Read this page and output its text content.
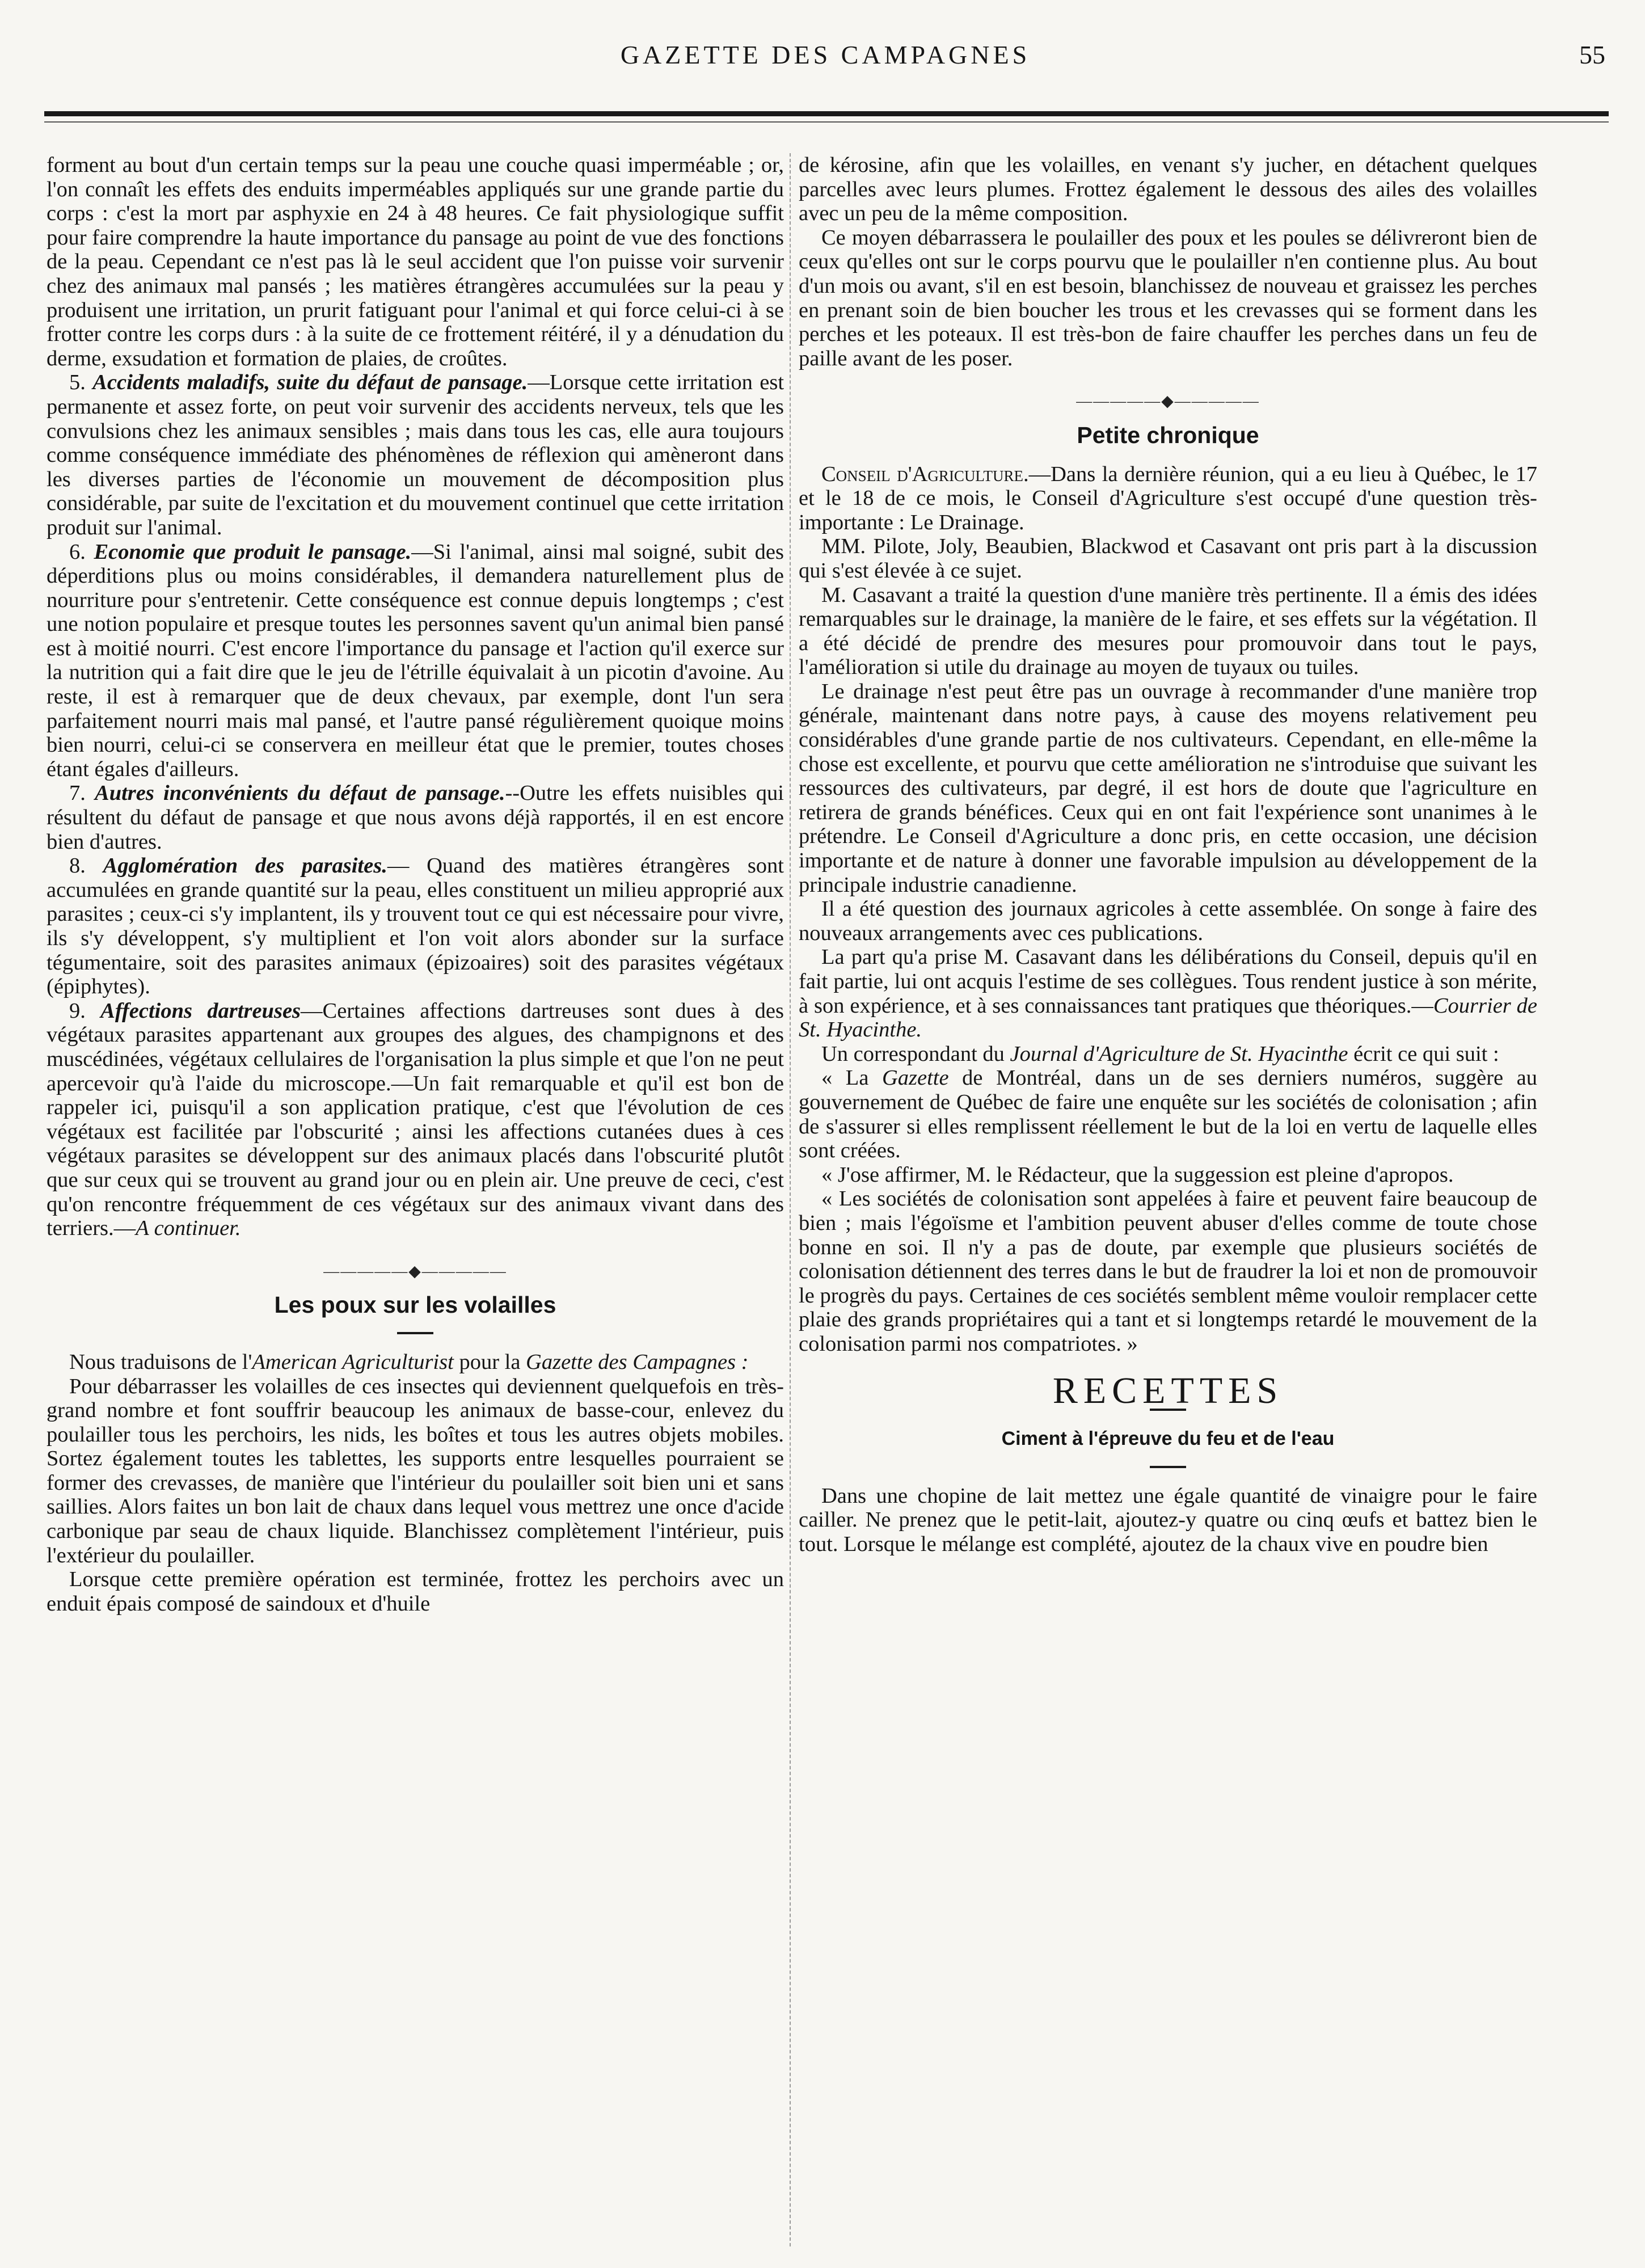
GAZETTE DES CAMPAGNES	55

forment au bout d'un certain temps sur la peau une couche quasi imperméable ; or, l'on connaît les effets des enduits imperméables appliqués sur une grande partie du corps : c'est la mort par asphyxie en 24 à 48 heures. Ce fait physiologique suffit pour faire comprendre la haute importance du pansage au point de vue des fonctions de la peau. Cependant ce n'est pas là le seul accident que l'on puisse voir survenir chez des animaux mal pansés ; les matières étrangères accumulées sur la peau y produisent une irritation, un prurit fatiguant pour l'animal et qui force celui-ci à se frotter contre les corps durs : à la suite de ce frottement réitéré, il y a dénudation du derme, exsudation et formation de plaies, de croûtes.

5. Accidents maladifs, suite du défaut de pansage.—Lorsque cette irritation est permanente et assez forte, on peut voir survenir des accidents nerveux, tels que les convulsions chez les animaux sensibles ; mais dans tous les cas, elle aura toujours comme conséquence immédiate des phénomènes de réflexion qui amèneront dans les diverses parties de l'économie un mouvement de décomposition plus considérable, par suite de l'excitation et du mouvement continuel que cette irritation produit sur l'animal.

6. Economie que produit le pansage.—Si l'animal, ainsi mal soigné, subit des déperditions plus ou moins considérables, il demandera naturellement plus de nourriture pour s'entretenir. Cette conséquence est connue depuis longtemps ; c'est une notion populaire et presque toutes les personnes savent qu'un animal bien pansé est à moitié nourri. C'est encore l'importance du pansage et l'action qu'il exerce sur la nutrition qui a fait dire que le jeu de l'étrille équivalait à un picotin d'avoine. Au reste, il est à remarquer que de deux chevaux, par exemple, dont l'un sera parfaitement nourri mais mal pansé, et l'autre pansé régulièrement quoique moins bien nourri, celui-ci se conservera en meilleur état que le premier, toutes choses étant égales d'ailleurs.

7. Autres inconvénients du défaut de pansage.--Outre les effets nuisibles qui résultent du défaut de pansage et que nous avons déjà rapportés, il en est encore bien d'autres.

8. Agglomération des parasites.— Quand des matières étrangères sont accumulées en grande quantité sur la peau, elles constituent un milieu approprié aux parasites ; ceux-ci s'y implantent, ils y trouvent tout ce qui est nécessaire pour vivre, ils s'y développent, s'y multiplient et l'on voit alors abonder sur la surface tégumentaire, soit des parasites animaux (épizoaires) soit des parasites végétaux (épiphytes).

9. Affections dartreuses—Certaines affections dartreuses sont dues à des végétaux parasites appartenant aux groupes des algues, des champignons et des muscédinées, végétaux cellulaires de l'organisation la plus simple et que l'on ne peut apercevoir qu'à l'aide du microscope.—Un fait remarquable et qu'il est bon de rappeler ici, puisqu'il a son application pratique, c'est que l'évolution de ces végétaux est facilitée par l'obscurité ; ainsi les affections cutanées dues à ces végétaux parasites se développent sur des animaux placés dans l'obscurité plutôt que sur ceux qui se trouvent au grand jour ou en plein air. Une preuve de ceci, c'est qu'on rencontre fréquemment de ces végétaux sur des animaux vivant dans des terriers.—A continuer.

—————◆—————
Les poux sur les volailles

Nous traduisons de l'American Agriculturist pour la Gazette des Campagnes :

Pour débarrasser les volailles de ces insectes qui deviennent quelquefois en très-grand nombre et font souffrir beaucoup les animaux de basse-cour, enlevez du poulailler tous les perchoirs, les nids, les boîtes et tous les autres objets mobiles. Sortez également toutes les tablettes, les supports entre lesquelles pourraient se former des crevasses, de manière que l'intérieur du poulailler soit bien uni et sans saillies. Alors faites un bon lait de chaux dans lequel vous mettrez une once d'acide carbonique par seau de chaux liquide. Blanchissez complètement l'intérieur, puis l'extérieur du poulailler.

Lorsque cette première opération est terminée, frottez les perchoirs avec un enduit épais composé de saindoux et d'huile

de kérosine, afin que les volailles, en venant s'y jucher, en détachent quelques parcelles avec leurs plumes. Frottez également le dessous des ailes des volailles avec un peu de la même composition.

Ce moyen débarrassera le poulailler des poux et les poules se délivreront bien de ceux qu'elles ont sur le corps pourvu que le poulailler n'en contienne plus. Au bout d'un mois ou avant, s'il en est besoin, blanchissez de nouveau et graissez les perches en prenant soin de bien boucher les trous et les crevasses qui se forment dans les perches et les poteaux. Il est très-bon de faire chauffer les perches dans un feu de paille avant de les poser.

—————◆—————
Petite chronique

Conseil d'Agriculture.—Dans la dernière réunion, qui a eu lieu à Québec, le 17 et le 18 de ce mois, le Conseil d'Agriculture s'est occupé d'une question très-importante : Le Drainage.

MM. Pilote, Joly, Beaubien, Blackwod et Casavant ont pris part à la discussion qui s'est élevée à ce sujet.

M. Casavant a traité la question d'une manière très pertinente. Il a émis des idées remarquables sur le drainage, la manière de le faire, et ses effets sur la végétation. Il a été décidé de prendre des mesures pour promouvoir dans tout le pays, l'amélioration si utile du drainage au moyen de tuyaux ou tuiles.

Le drainage n'est peut être pas un ouvrage à recommander d'une manière trop générale, maintenant dans notre pays, à cause des moyens relativement peu considérables d'une grande partie de nos cultivateurs. Cependant, en elle-même la chose est excellente, et pourvu que cette amélioration ne s'introduise que suivant les ressources des cultivateurs, par degré, il est hors de doute que l'agriculture en retirera de grands bénéfices. Ceux qui en ont fait l'expérience sont unanimes à le prétendre. Le Conseil d'Agriculture a donc pris, en cette occasion, une décision importante et de nature à donner une favorable impulsion au développement de la principale industrie canadienne.

Il a été question des journaux agricoles à cette assemblée. On songe à faire des nouveaux arrangements avec ces publications.

La part qu'a prise M. Casavant dans les délibérations du Conseil, depuis qu'il en fait partie, lui ont acquis l'estime de ses collègues. Tous rendent justice à son mérite, à son expérience, et à ses connaissances tant pratiques que théoriques.—Courrier de St. Hyacinthe.

Un correspondant du Journal d'Agriculture de St. Hyacinthe écrit ce qui suit :

« La Gazette de Montréal, dans un de ses derniers numéros, suggère au gouvernement de Québec de faire une enquête sur les sociétés de colonisation ; afin de s'assurer si elles remplissent réellement le but de la loi en vertu de laquelle elles sont créées.

« J'ose affirmer, M. le Rédacteur, que la suggession est pleine d'apropos.

« Les sociétés de colonisation sont appelées à faire et peuvent faire beaucoup de bien ; mais l'égoïsme et l'ambition peuvent abuser d'elles comme de toute chose bonne en soi. Il n'y a pas de doute, par exemple que plusieurs sociétés de colonisation détiennent des terres dans le but de fraudrer la loi et non de promouvoir le progrès du pays. Certaines de ces sociétés semblent même vouloir remplacer cette plaie des grands propriétaires qui a tant et si longtemps retardé le mouvement de la colonisation parmi nos compatriotes. »

RECETTES
Ciment à l'épreuve du feu et de l'eau

Dans une chopine de lait mettez une égale quantité de vinaigre pour le faire cailler. Ne prenez que le petit-lait, ajoutez-y quatre ou cinq œufs et battez bien le tout. Lorsque le mélange est complété, ajoutez de la chaux vive en poudre bien
